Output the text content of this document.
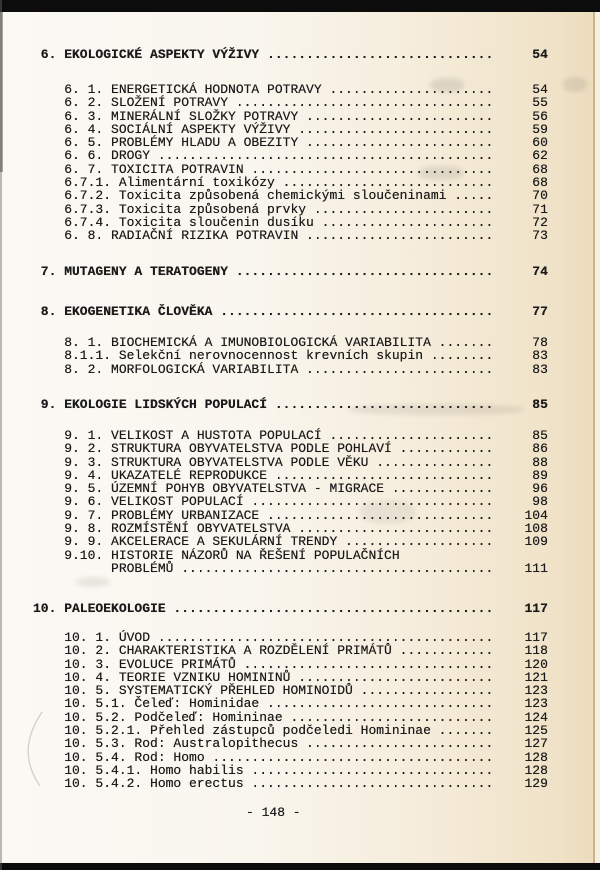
6. EKOLOGICKÉ ASPEKTY VÝŽIVY .............................     54
6. 1. ENERGETICKÁ HODNOTA POTRAVY .....................     54
6. 2. SLOŽENÍ POTRAVY .................................     55
6. 3. MINERÁLNÍ SLOŽKY POTRAVY ........................     56
6. 4. SOCIÁLNÍ ASPEKTY VÝŽIVY .........................     59
6. 5. PROBLÉMY HLADU A OBEZITY ........................     60
6. 6. DROGY ...........................................     62
6. 7. TOXICITA POTRAVIN ...............................     68
6.7.1. Alimentární toxikózy ...........................     68
6.7.2. Toxicita způsobená chemickými sloučeninami .....     70
6.7.3. Toxicita způsobená prvky .......................     71
6.7.4. Toxicita sloučenin dusíku ......................     72
6. 8. RADIAČNÍ RIZIKA POTRAVIN ........................     73
7. MUTAGENY A TERATOGENY .................................     74
8. EKOGENETIKA ČLOVĚKA ...................................     77
8. 1. BIOCHEMICKÁ A IMUNOBIOLOGICKÁ VARIABILITA .......     78
8.1.1. Selekční nerovnocennost krevních skupin ........     83
8. 2. MORFOLOGICKÁ VARIABILITA ........................     83
9. EKOLOGIE LIDSKÝCH POPULACÍ ............................     85
9. 1. VELIKOST A HUSTOTA POPULACÍ .....................     85
9. 2. STRUKTURA OBYVATELSTVA PODLE POHLAVÍ ............     86
9. 3. STRUKTURA OBYVATELSTVA PODLE VĚKU ...............     88
9. 4. UKAZATELÉ REPRODUKCE ............................     89
9. 5. ÚZEMNÍ POHYB OBYVATELSTVA - MIGRACE .............     96
9. 6. VELIKOST POPULACÍ ...............................     98
9. 7. PROBLÉMY URBANIZACE .............................    104
9. 8. ROZMÍSTĚNÍ OBYVATELSTVA .........................    108
9. 9. AKCELERACE A SEKULÁRNÍ TRENDY ...................    109
9.10. HISTORIE NÁZORŮ NA ŘEŠENÍ POPULAČNÍCH
PROBLÉMŮ ........................................    111
10. PALEOEKOLOGIE .........................................    117
10. 1. ÚVOD ...........................................    117
10. 2. CHARAKTERISTIKA A ROZDĚLENÍ PRIMÁTŮ ............    118
10. 3. EVOLUCE PRIMÁTŮ ................................    120
10. 4. TEORIE VZNIKU HOMININŮ .........................    121
10. 5. SYSTEMATICKÝ PŘEHLED HOMINOIDŮ .................    123
10. 5.1. Čeleď: Hominidae .............................    123
10. 5.2. Podčeleď: Homininae ..........................    124
10. 5.2.1. Přehled zástupců podčeledi Homininae .......    125
10. 5.3. Rod: Australopithecus ........................    127
10. 5.4. Rod: Homo ....................................    128
10. 5.4.1. Homo habilis ...............................    128
10. 5.4.2. Homo erectus ...............................    129
- 148 -
